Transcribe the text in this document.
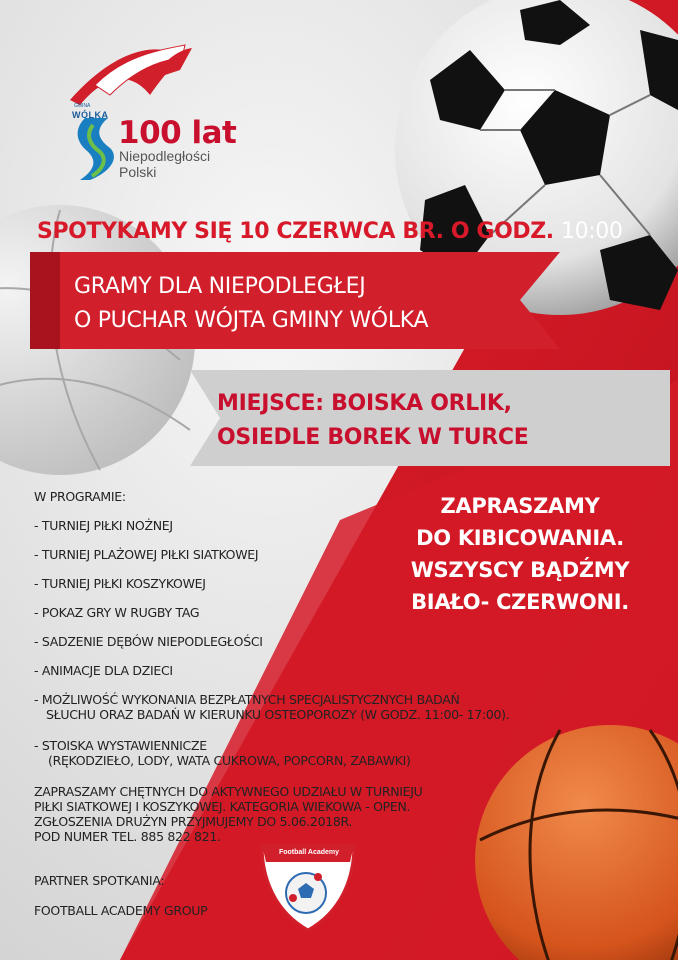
GMINA
WÓLKA 100 lat
Niepodległości
Polski
SPOTYKAMY SIĘ 10 CZERWCA BR. O GODZ. 10:00
GRAMY DLA NIEPODLEGŁEJ
O PUCHAR WÓJTA GMINY WÓLKA
MIEJSCE: BOISKA ORLIK,
OSIEDLE BOREK W TURCE
W PROGRAMIE:
- TURNIEJ PIŁKI NOŻNEJ
- TURNIEJ PLAŻOWEJ PIŁKI SIATKOWEJ
- TURNIEJ PIŁKI KOSZYKOWEJ
- POKAZ GRY W RUGBY TAG
- SADZENIE DĘBÓW NIEPODLEGŁOŚCI
- ANIMACJE DLA DZIECI
- MOŻLIWOŚĆ WYKONANIA BEZPŁATNYCH SPECJALISTYCZNYCH BADAŃ
SŁUCHU ORAZ BADAŃ W KIERUNKU OSTEOPOROZY (W GODZ. 11:00- 17:00).
- STOISKA WYSTAWIENNICZE
(RĘKODZIEŁO, LODY, WATA CUKROWA, POPCORN, ZABAWKI)
ZAPRASZAMY
DO KIBICOWANIA.
WSZYSCY BĄDŹMY
BIAŁO- CZERWONI.
ZAPRASZAMY CHĘTNYCH DO AKTYWNEGO UDZIAŁU W TURNIEJU
PIŁKI SIATKOWEJ I KOSZYKOWEJ. KATEGORIA WIEKOWA - OPEN.
ZGŁOSZENIA DRUŻYN PRZYJMUJEMY DO 5.06.2018R.
POD NUMER TEL. 885 822 821.
PARTNER SPOTKANIA:
FOOTBALL ACADEMY GROUP
Football Academy
